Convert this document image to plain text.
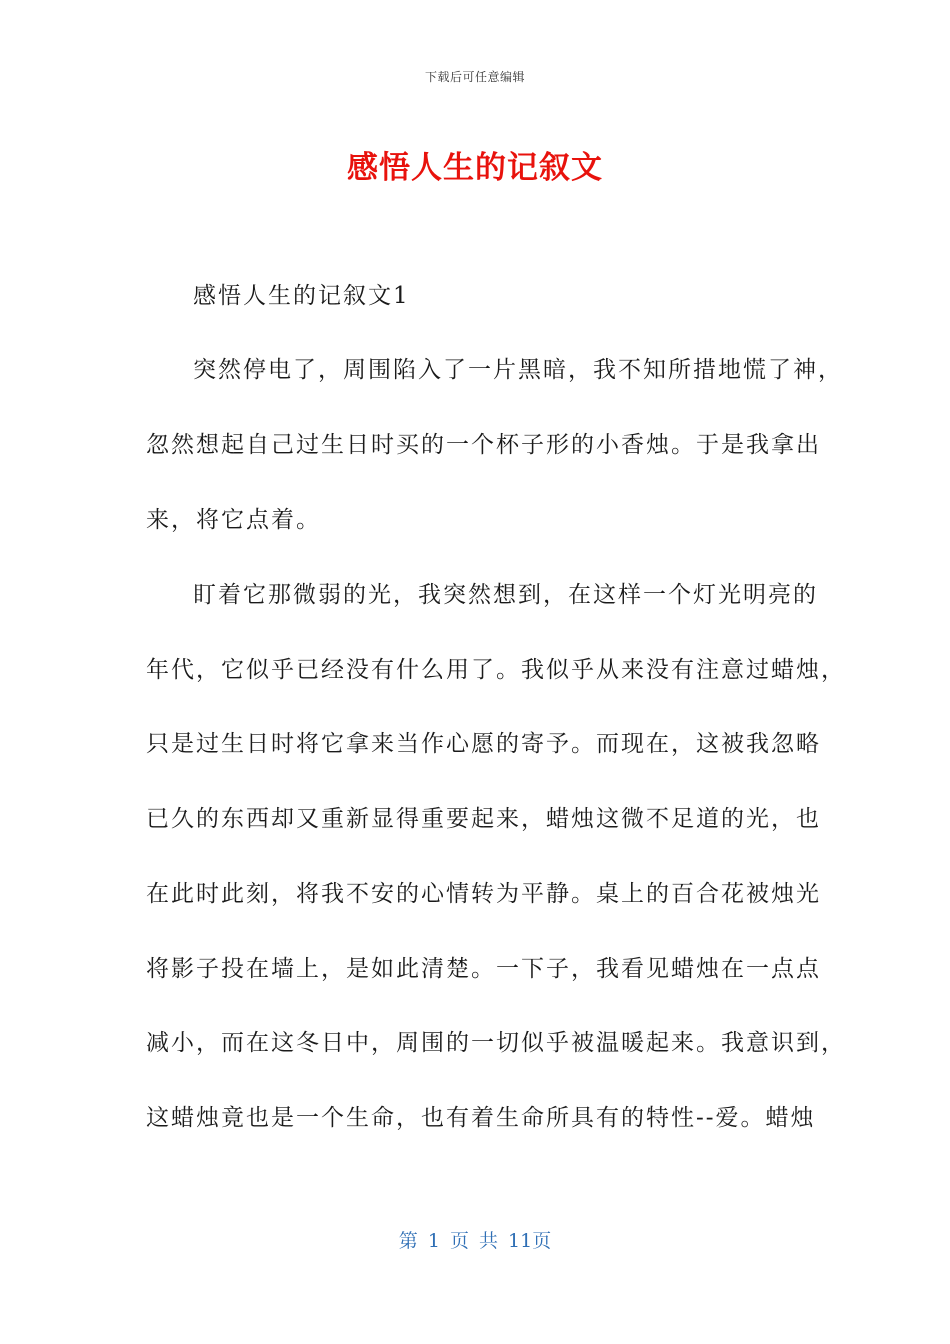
下载后可任意编辑
感悟人生的记叙文
感悟人生的记叙文1
突然停电了，周围陷入了一片黑暗，我不知所措地慌了神，
忽然想起自己过生日时买的一个杯子形的小香烛。于是我拿出
来，将它点着。
盯着它那微弱的光，我突然想到，在这样一个灯光明亮的
年代，它似乎已经没有什么用了。我似乎从来没有注意过蜡烛，
只是过生日时将它拿来当作心愿的寄予。而现在，这被我忽略
已久的东西却又重新显得重要起来，蜡烛这微不足道的光，也
在此时此刻，将我不安的心情转为平静。桌上的百合花被烛光
将影子投在墙上，是如此清楚。一下子，我看见蜡烛在一点点
减小，而在这冬日中，周围的一切似乎被温暖起来。我意识到，
这蜡烛竟也是一个生命，也有着生命所具有的特性--爱。蜡烛
第 1 页 共 11页
